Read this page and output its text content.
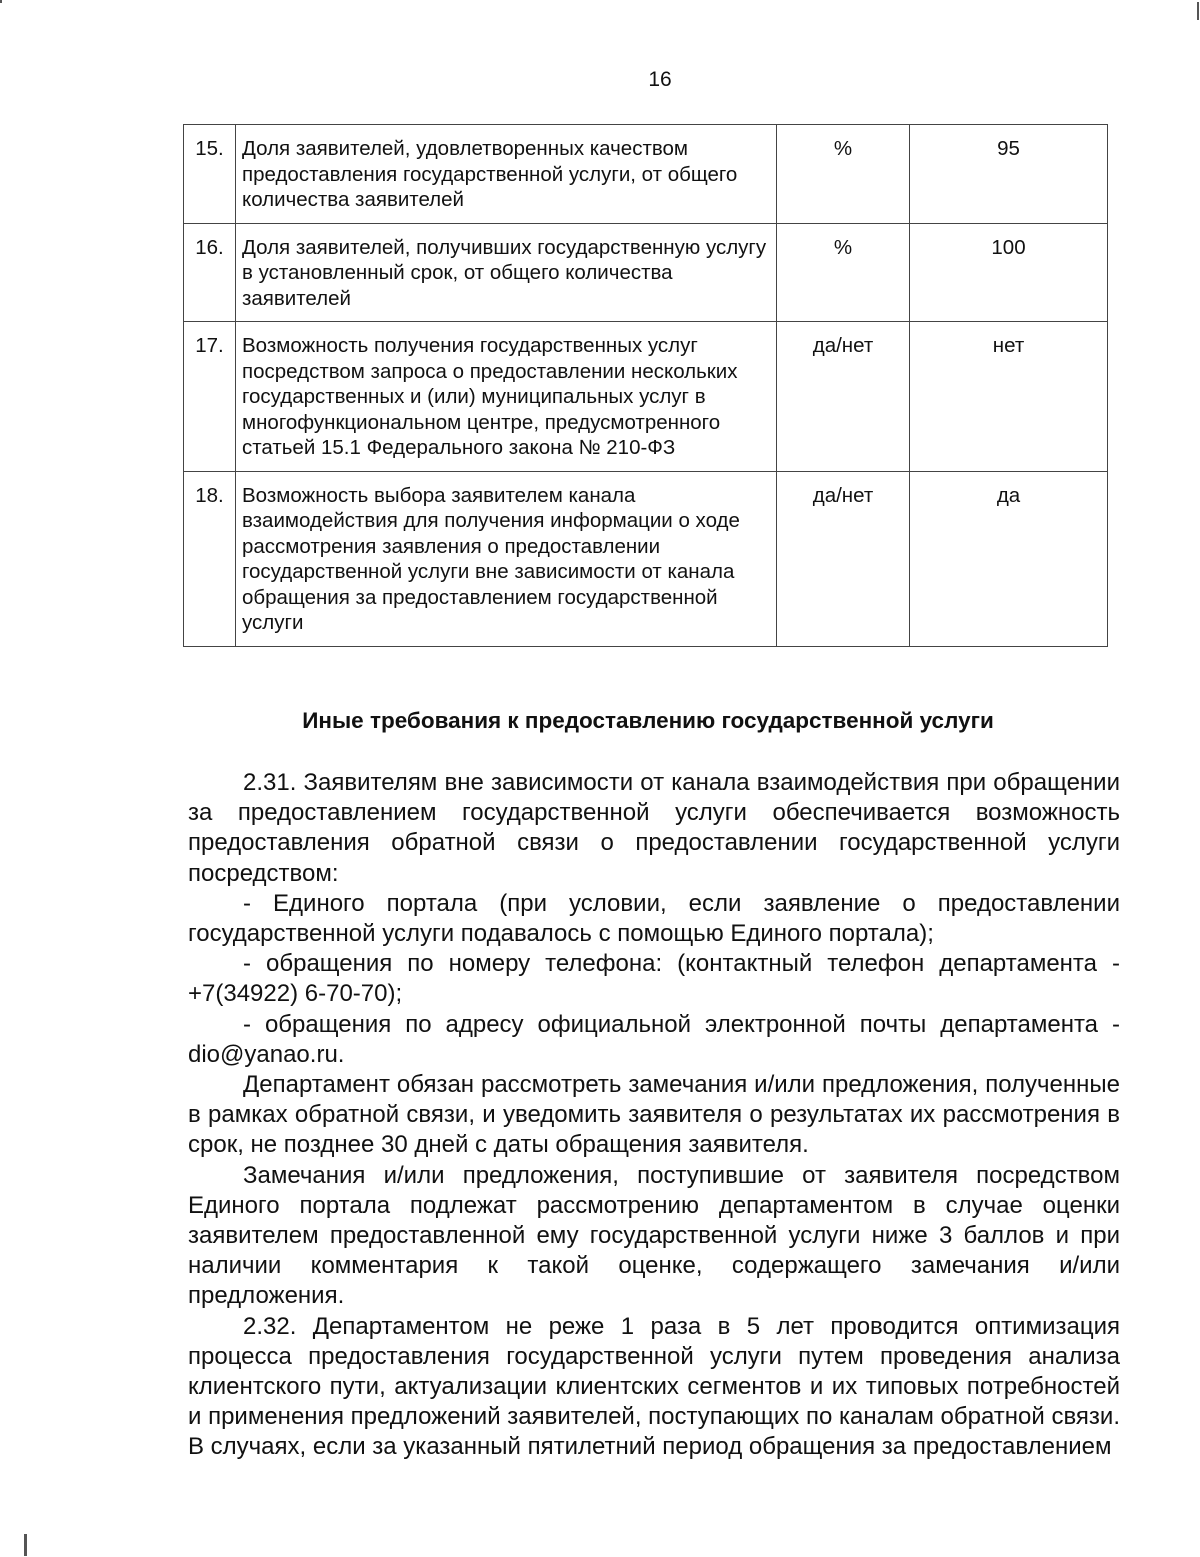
16
15.	Доля заявителей, удовлетворенных качеством предоставления государственной услуги, от общего количества заявителей	%	95
16.	Доля заявителей, получивших государственную услугу в установленный срок, от общего количества заявителей	%	100
17.	Возможность получения государственных услуг посредством запроса о предоставлении нескольких государственных и (или) муниципальных услуг в многофункциональном центре, предусмотренного статьей 15.1 Федерального закона № 210-ФЗ	да/нет	нет
18.	Возможность выбора заявителем канала взаимодействия для получения информации о ходе рассмотрения заявления о предоставлении государственной услуги вне зависимости от канала обращения за предоставлением государственной услуги	да/нет	да
Иные требования к предоставлению государственной услуги

2.31. Заявителям вне зависимости от канала взаимодействия при обращении за предоставлением государственной услуги обеспечивается возможность предоставления обратной связи о предоставлении государственной услуги посредством:

- Единого портала (при условии, если заявление о предоставлении государственной услуги подавалось с помощью Единого портала);

- обращения по номеру телефона: (контактный телефон департамента - +7(34922) 6-70-70);

- обращения по адресу официальной электронной почты департамента - dio@yanao.ru.

Департамент обязан рассмотреть замечания и/или предложения, полученные в рамках обратной связи, и уведомить заявителя о результатах их рассмотрения в срок, не позднее 30 дней с даты обращения заявителя.

Замечания и/или предложения, поступившие от заявителя посредством Единого портала подлежат рассмотрению департаментом в случае оценки заявителем предоставленной ему государственной услуги ниже 3 баллов и при наличии комментария к такой оценке, содержащего замечания и/или предложения.

2.32. Департаментом не реже 1 раза в 5 лет проводится оптимизация процесса предоставления государственной услуги путем проведения анализа клиентского пути, актуализации клиентских сегментов и их типовых потребностей и применения предложений заявителей, поступающих по каналам обратной связи. В случаях, если за указанный пятилетний период обращения за предоставлением
